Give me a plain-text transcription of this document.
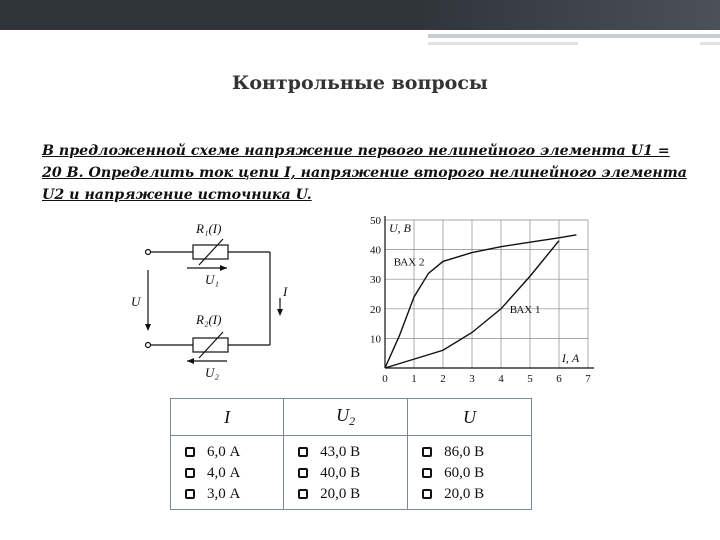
Контрольные вопросы
В предложенной схеме напряжение первого нелинейного элемента U1 = 20 В. Определить ток цепи I, напряжение второго нелинейного элемента U2 и напряжение источника U.
R₁(I)
U₁
R₂(I)
U₂
U
I
0 1 2 3 4 5 6 7
10
20
30
40
50 U, В
I, А
ВАХ 2
ВАХ 1
I	$U_2$	U

6,0 А
4,0 А
3,0 А	43,0 В
40,0 В
20,0 В	86,0 В
60,0 В
20,0 В
